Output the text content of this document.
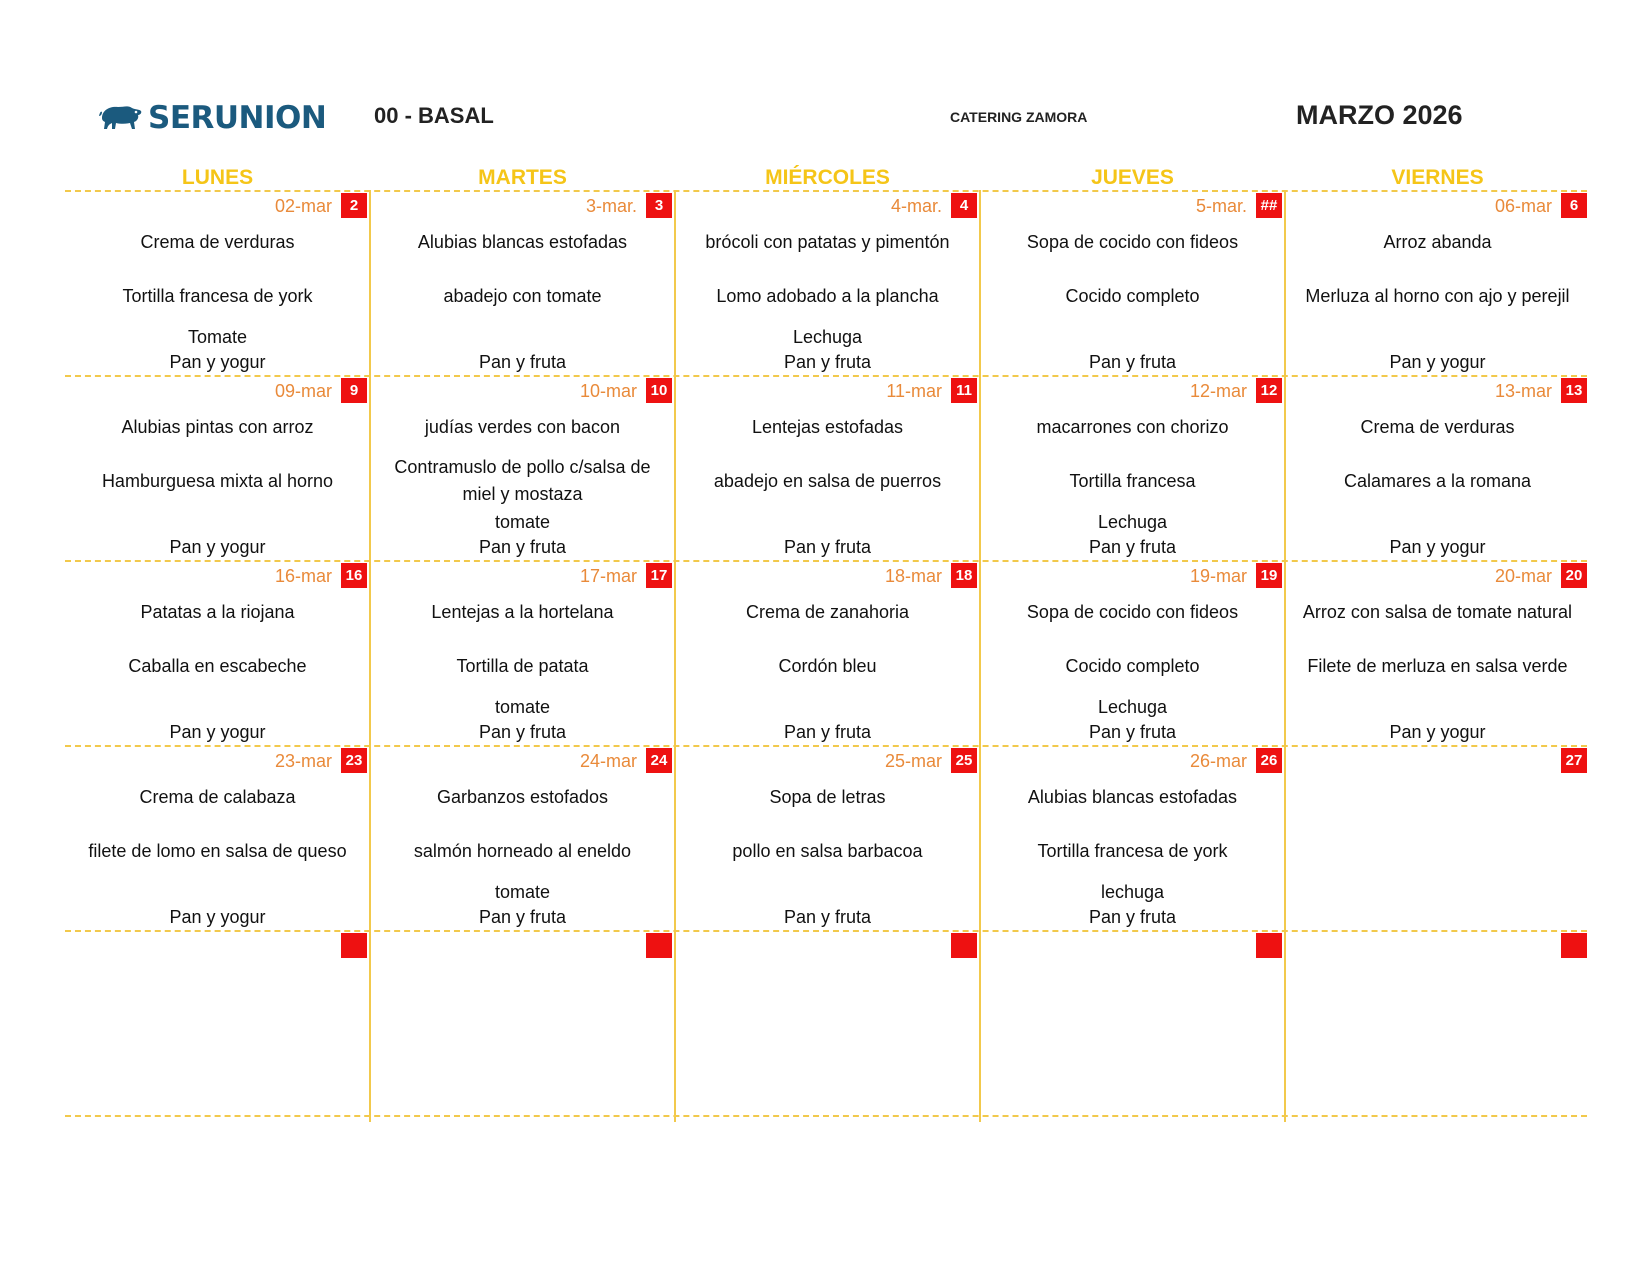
SERUNION 00 - BASAL	CATERING ZAMORA	MARZO 2026
LUNES	MARTES	MIÉRCOLES	JUEVES	VIERNES
02-mar	2
Crema de verduras
Tortilla francesa de york
Tomate
Pan y yogur
3-mar.	3
Alubias blancas estofadas
abadejo con tomate
Pan y fruta
4-mar.	4
brócoli con patatas y pimentón
Lomo adobado a la plancha
Lechuga
Pan y fruta
5-mar. ##
Sopa de cocido con fideos
Cocido completo
Pan y fruta
06-mar	6
Arroz abanda
Merluza al horno con ajo y perejil
Pan y yogur
09-mar	9
Alubias pintas con arroz
Hamburguesa mixta al horno
Pan y yogur
10-mar 10
judías verdes con bacon
Contramuslo de pollo c/salsa de miel y mostaza
tomate
Pan y fruta
11-mar 11
Lentejas estofadas
abadejo en salsa de puerros
Pan y fruta
12-mar 12
macarrones con chorizo
Tortilla francesa
Lechuga
Pan y fruta
13-mar 13
Crema de verduras
Calamares a la romana
Pan y yogur
16-mar 16
Patatas a la riojana
Caballa en escabeche
Pan y yogur
17-mar 17
Lentejas a la hortelana
Tortilla de patata
tomate
Pan y fruta
18-mar 18
Crema de zanahoria
Cordón bleu
Pan y fruta
19-mar 19
Sopa de cocido con fideos
Cocido completo
Lechuga
Pan y fruta
20-mar 20
Arroz con salsa de tomate natural
Filete de merluza en salsa verde
Pan y yogur
23-mar 23
Crema de calabaza
filete de lomo en salsa de queso
Pan y yogur
24-mar 24
Garbanzos estofados
salmón horneado al eneldo
tomate
Pan y fruta
25-mar 25
Sopa de letras
pollo en salsa barbacoa
Pan y fruta
26-mar 26
Alubias blancas estofadas
Tortilla francesa de york
lechuga
Pan y fruta
27
